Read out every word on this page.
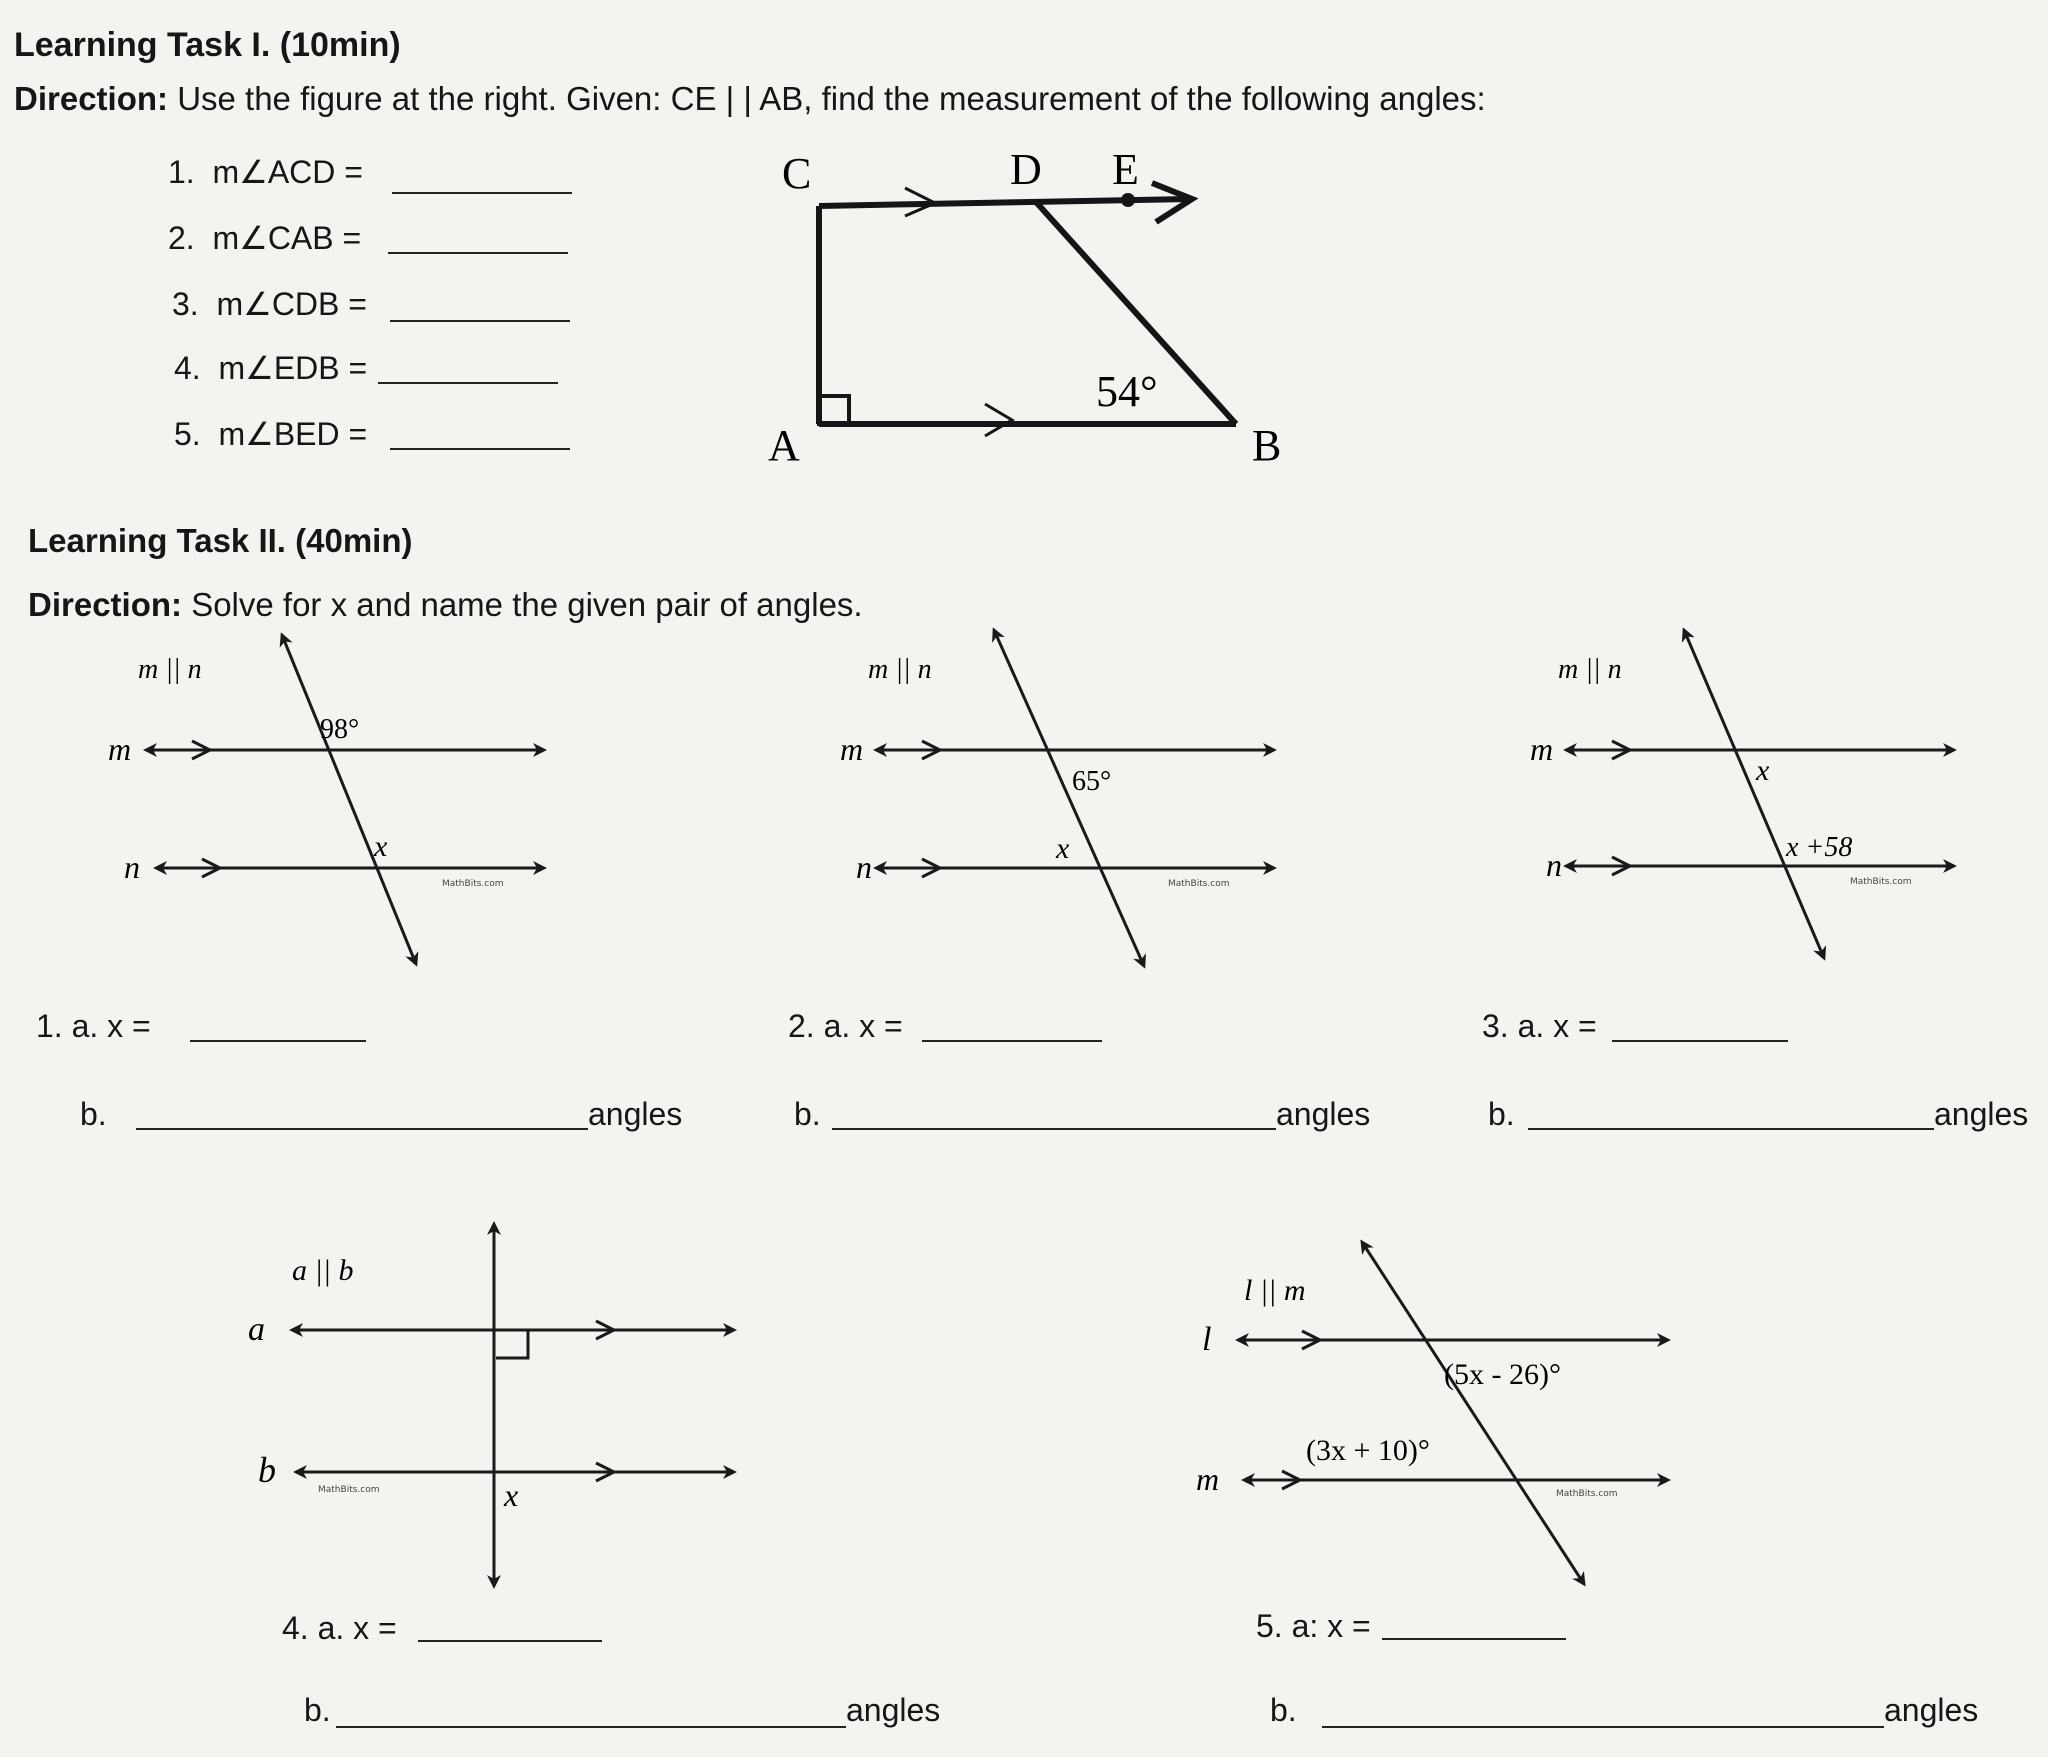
Learning Task I. (10min)
Direction: Use the figure at the right. Given: CE | | AB, find the measurement of the following angles:
1. m∠ACD =
2. m∠CAB =
3. m∠CDB =
4. m∠EDB =
5. m∠BED =
C	D E
A	B
54°
Learning Task II. (40min)
Direction: Solve for x and name the given pair of angles.
m || n
m
n
98°
x
MathBits.com
m || n
m
n
65°
x
MathBits.com
m || n
m
n
x
x +58
MathBits.com
a || b
a
b
x
MathBits.com
l || m
l
m
(5x - 26)°
(3x + 10)°
MathBits.com
1. a. x =	2. a. x =	3. a. x =
b.	angles	b.	angles	b.	angles
4. a. x =	5. a: x =
b.	angles	b.	angles
